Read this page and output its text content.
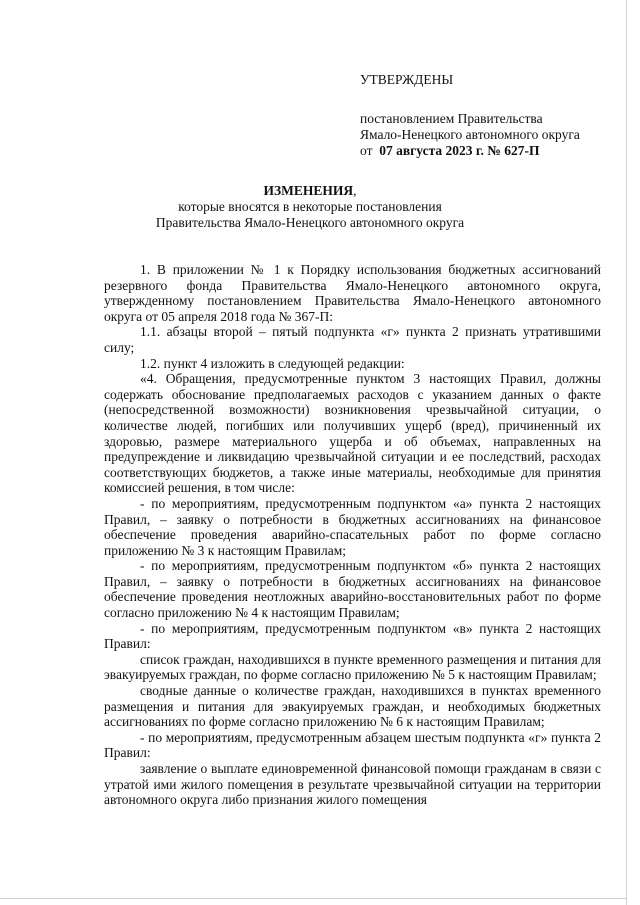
УТВЕРЖДЕНЫ
постановлением Правительства
Ямало-Ненецкого автономного округа
от 07 августа 2023 г. № 627-П
ИЗМЕНЕНИЯ,
которые вносятся в некоторые постановления
Правительства Ямало-Ненецкого автономного округа

1. В приложении № 1 к Порядку использования бюджетных ассигнований резервного фонда Правительства Ямало-Ненецкого автономного округа, утвержденному постановлением Правительства Ямало-Ненецкого автономного округа от 05 апреля 2018 года № 367-П:

1.1. абзацы второй – пятый подпункта «г» пункта 2 признать утратившими силу;

1.2. пункт 4 изложить в следующей редакции:

«4. Обращения, предусмотренные пунктом 3 настоящих Правил, должны содержать обоснование предполагаемых расходов с указанием данных о факте (непосредственной возможности) возникновения чрезвычайной ситуации, о количестве людей, погибших или получивших ущерб (вред), причиненный их здоровью, размере материального ущерба и об объемах, направленных на предупреждение и ликвидацию чрезвычайной ситуации и ее последствий, расходах соответствующих бюджетов, а также иные материалы, необходимые для принятия комиссией решения, в том числе:

- по мероприятиям, предусмотренным подпунктом «а» пункта 2 настоящих Правил, – заявку о потребности в бюджетных ассигнованиях на финансовое обеспечение проведения аварийно-спасательных работ по форме согласно приложению № 3 к настоящим Правилам;

- по мероприятиям, предусмотренным подпунктом «б» пункта 2 настоящих Правил, – заявку о потребности в бюджетных ассигнованиях на финансовое обеспечение проведения неотложных аварийно-восстановительных работ по форме согласно приложению № 4 к настоящим Правилам;

- по мероприятиям, предусмотренным подпунктом «в» пункта 2 настоящих Правил:

список граждан, находившихся в пункте временного размещения и питания для эвакуируемых граждан, по форме согласно приложению № 5 к настоящим Правилам;

сводные данные о количестве граждан, находившихся в пунктах временного размещения и питания для эвакуируемых граждан, и необходимых бюджетных ассигнованиях по форме согласно приложению № 6 к настоящим Правилам;

- по мероприятиям, предусмотренным абзацем шестым подпункта «г» пункта 2 Правил:

заявление о выплате единовременной финансовой помощи гражданам в связи с утратой ими жилого помещения в результате чрезвычайной ситуации на территории автономного округа либо признания жилого помещения
